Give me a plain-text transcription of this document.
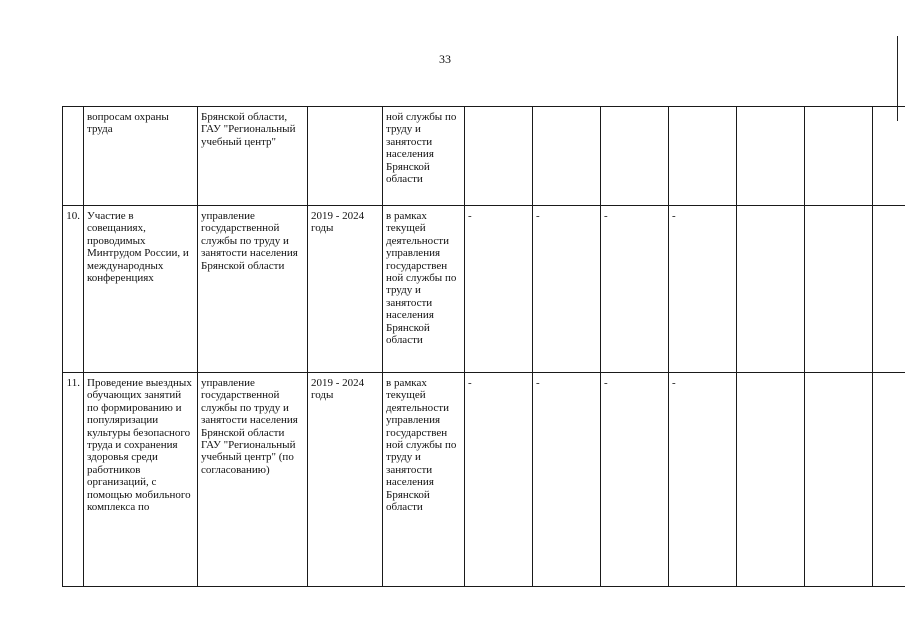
33
	вопросам охраны труда	Брянской области, ГАУ "Региональный учебный центр"		ной службы по труду и занятости населения Брянской области							
10.	Участие в совещаниях, проводимых Минтрудом России, и международных конференциях	управление государственной службы по труду и занятости населения Брянской области	2019 - 2024 годы	в рамках текущей деятельности управления государствен ной службы по труду и занятости населения Брянской области	-	-	-	-			
11.	Проведение выездных обучающих занятий по формированию и популяризации культуры безопасного труда и сохранения здоровья среди работников организаций, с помощью мобильного комплекса по	управление государственной службы по труду и занятости населения Брянской области ГАУ "Региональный учебный центр" (по согласованию)	2019 - 2024 годы	в рамках текущей деятельности управления государствен ной службы по труду и занятости населения Брянской области	-	-	-	-			
